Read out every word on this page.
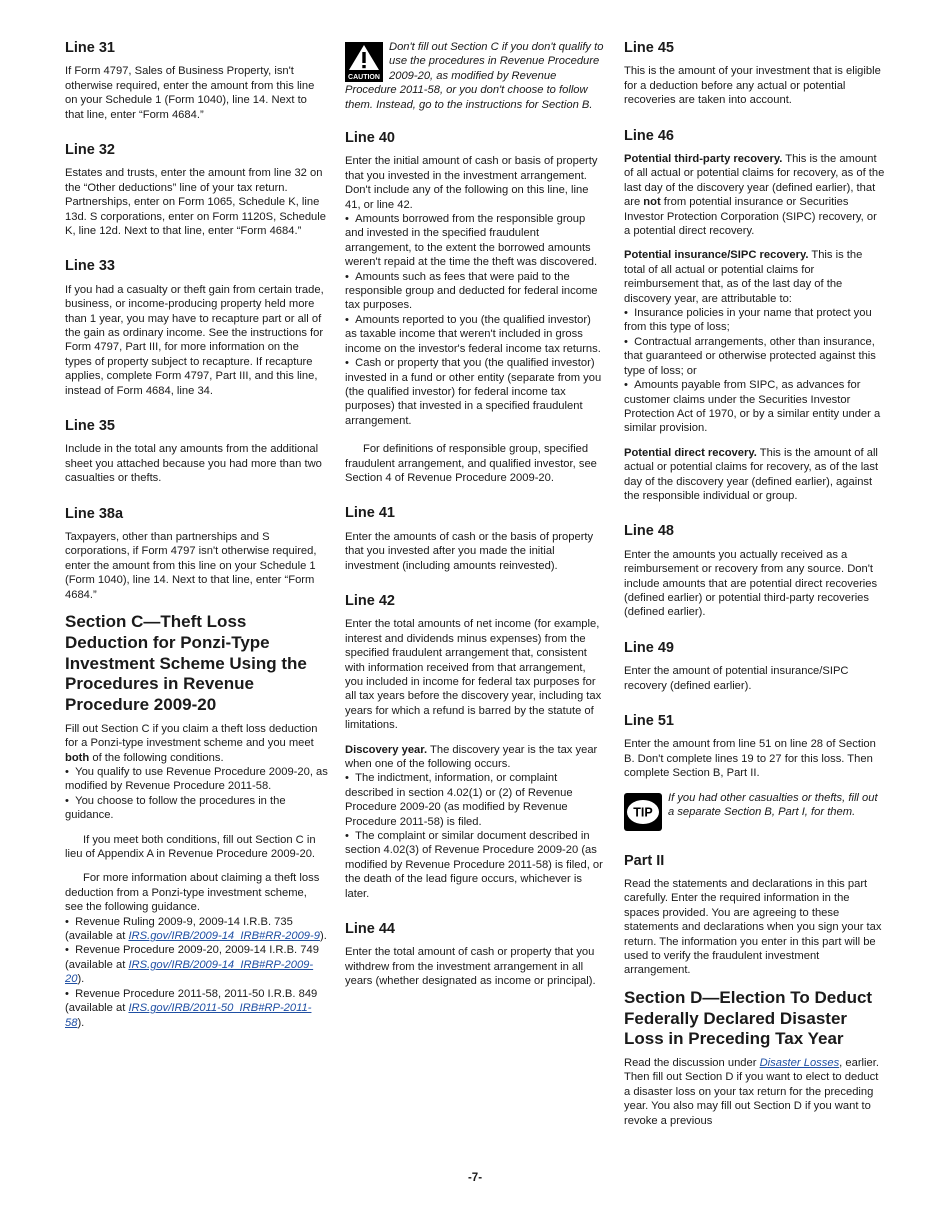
Line 31

If Form 4797, Sales of Business Property, isn't otherwise required, enter the amount from this line on your Schedule 1 (Form 1040), line 14. Next to that line, enter “Form 4684.”

Line 32

Estates and trusts, enter the amount from line 32 on the “Other deductions” line of your tax return. Partnerships, enter on Form 1065, Schedule K, line 13d. S corporations, enter on Form 1120S, Schedule K, line 12d. Next to that line, enter “Form 4684.”

Line 33

If you had a casualty or theft gain from certain trade, business, or income-producing property held more than 1 year, you may have to recapture part or all of the gain as ordinary income. See the instructions for Form 4797, Part III, for more information on the types of property subject to recapture. If recapture applies, complete Form 4797, Part III, and this line, instead of Form 4684, line 34.

Line 35

Include in the total any amounts from the additional sheet you attached because you had more than two casualties or thefts.

Line 38a

Taxpayers, other than partnerships and S corporations, if Form 4797 isn't otherwise required, enter the amount from this line on your Schedule 1 (Form 1040), line 14. Next to that line, enter “Form 4684.”

Section C—Theft Loss Deduction for Ponzi-Type Investment Scheme Using the Procedures in Revenue Procedure 2009-20

Fill out Section C if you claim a theft loss deduction for a Ponzi-type investment scheme and you meet both of the following conditions.

•  You qualify to use Revenue Procedure 2009-20, as modified by Revenue Procedure 2011-58.
•  You choose to follow the procedures in the guidance.

If you meet both conditions, fill out Section C in lieu of Appendix A in Revenue Procedure 2009-20.

For more information about claiming a theft loss deduction from a Ponzi-type investment scheme, see the following guidance.

•  Revenue Ruling 2009-9, 2009-14 I.R.B. 735 (available at IRS.gov/IRB/2009-14_IRB#RR-2009-9).
•  Revenue Procedure 2009-20, 2009-14 I.R.B. 749 (available at IRS.gov/IRB/2009-14_IRB#RP-2009-20).
•  Revenue Procedure 2011-58, 2011-50 I.R.B. 849 (available at IRS.gov/IRB/2011-50_IRB#RP-2011-58).
CAUTION

Don't fill out Section C if you don't qualify to use the procedures in Revenue Procedure 2009-20, as modified by Revenue Procedure 2011-58, or you don't choose to follow them. Instead, go to the instructions for Section B.

Line 40

Enter the initial amount of cash or basis of property that you invested in the investment arrangement. Don't include any of the following on this line, line 41, or line 42.

•  Amounts borrowed from the responsible group and invested in the specified fraudulent arrangement, to the extent the borrowed amounts weren't repaid at the time the theft was discovered.
•  Amounts such as fees that were paid to the responsible group and deducted for federal income tax purposes.
•  Amounts reported to you (the qualified investor) as taxable income that weren't included in gross income on the investor's federal income tax returns.
•  Cash or property that you (the qualified investor) invested in a fund or other entity (separate from you (the qualified investor) for federal income tax purposes) that invested in a specified fraudulent arrangement.

For definitions of responsible group, specified fraudulent arrangement, and qualified investor, see Section 4 of Revenue Procedure 2009-20.

Line 41

Enter the amounts of cash or the basis of property that you invested after you made the initial investment (including amounts reinvested).

Line 42

Enter the total amounts of net income (for example, interest and dividends minus expenses) from the specified fraudulent arrangement that, consistent with information received from that arrangement, you included in income for federal tax purposes for all tax years before the discovery year, including tax years for which a refund is barred by the statute of limitations.

Discovery year. The discovery year is the tax year when one of the following occurs.

•  The indictment, information, or complaint described in section 4.02(1) or (2) of Revenue Procedure 2009-20 (as modified by Revenue Procedure 2011-58) is filed.
•  The complaint or similar document described in section 4.02(3) of Revenue Procedure 2009-20 (as modified by Revenue Procedure 2011-58) is filed, or the death of the lead figure occurs, whichever is later.
Line 44

Enter the total amount of cash or property that you withdrew from the investment arrangement in all years (whether designated as income or principal).

Line 45

This is the amount of your investment that is eligible for a deduction before any actual or potential recoveries are taken into account.

Line 46

Potential third-party recovery. This is the amount of all actual or potential claims for recovery, as of the last day of the discovery year (defined earlier), that are not from potential insurance or Securities Investor Protection Corporation (SIPC) recovery, or a potential direct recovery.

Potential insurance/SIPC recovery. This is the total of all actual or potential claims for reimbursement that, as of the last day of the discovery year, are attributable to:

•  Insurance policies in your name that protect you from this type of loss;
•  Contractual arrangements, other than insurance, that guaranteed or otherwise protected against this type of loss; or
•  Amounts payable from SIPC, as advances for customer claims under the Securities Investor Protection Act of 1970, or by a similar entity under a similar provision.

Potential direct recovery. This is the amount of all actual or potential claims for recovery, as of the last day of the discovery year (defined earlier), against the responsible individual or group.

Line 48

Enter the amounts you actually received as a reimbursement or recovery from any source. Don't include amounts that are potential direct recoveries (defined earlier) or potential third-party recoveries (defined earlier).

Line 49

Enter the amount of potential insurance/SIPC recovery (defined earlier).

Line 51

Enter the amount from line 51 on line 28 of Section B. Don't complete lines 19 to 27 for this loss. Then complete Section B, Part II.

TIP

If you had other casualties or thefts, fill out a separate Section B, Part I, for them.

Part II

Read the statements and declarations in this part carefully. Enter the required information in the spaces provided. You are agreeing to these statements and declarations when you sign your tax return. The information you enter in this part will be used to verify the fraudulent investment arrangement.

Section D—Election To Deduct Federally Declared Disaster Loss in Preceding Tax Year

Read the discussion under Disaster Losses, earlier. Then fill out Section D if you want to elect to deduct a disaster loss on your tax return for the preceding year. You also may fill out Section D if you want to revoke a previous

-7-
